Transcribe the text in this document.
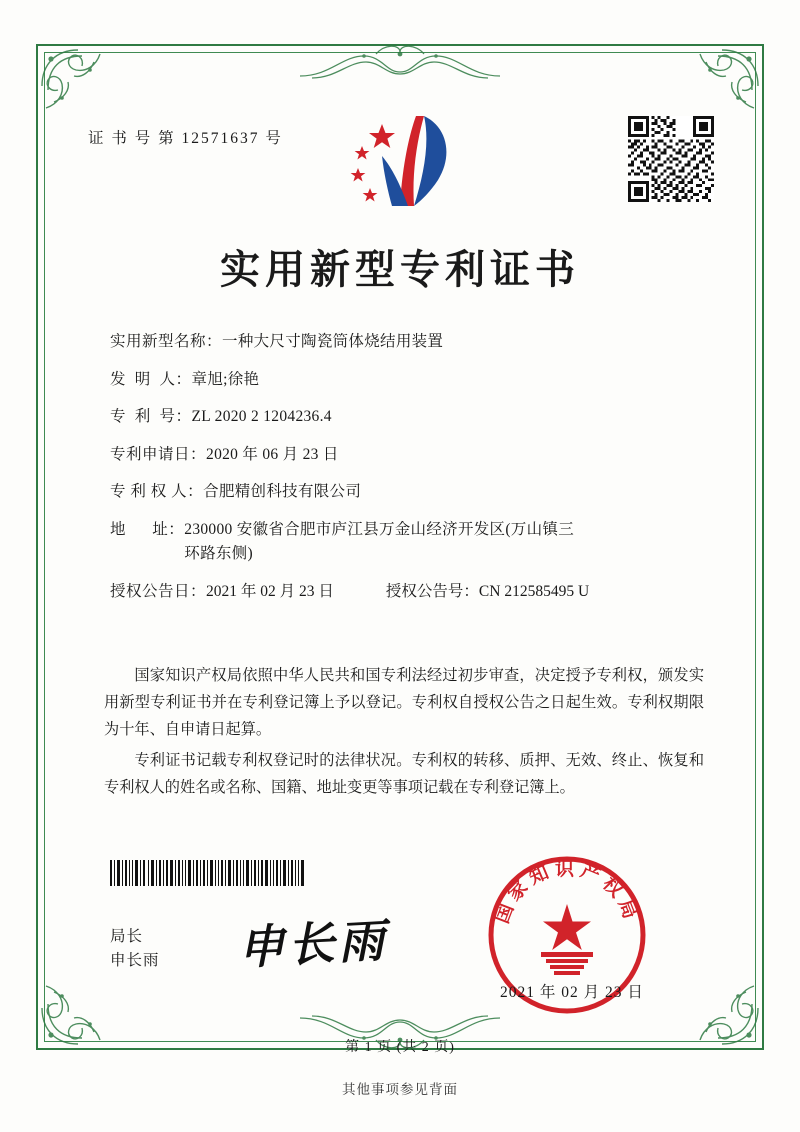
证 书 号 第 12571637 号
实用新型专利证书
实用新型名称： 一种大尺寸陶瓷筒体烧结用装置
发  明  人： 章旭;徐艳
专  利  号： ZL 2020 2 1204236.4
专利申请日： 2020 年 06 月 23 日
专 利 权 人： 合肥精创科技有限公司
地      址： 230000 安徽省合肥市庐江县万金山经济开发区(万山镇三
环路东侧)
授权公告日： 2021 年 02 月 23 日	授权公告号： CN 212585495 U

国家知识产权局依照中华人民共和国专利法经过初步审查，决定授予专利权，颁发实用新型专利证书并在专利登记簿上予以登记。专利权自授权公告之日起生效。专利权期限为十年、自申请日起算。

专利证书记载专利权登记时的法律状况。专利权的转移、质押、无效、终止、恢复和专利权人的姓名或名称、国籍、地址变更等事项记载在专利登记簿上。

局长
申长雨 申长雨
国家知识产权局
2021 年 02 月 23 日
第 1 页 (共 2 页)
其他事项参见背面
